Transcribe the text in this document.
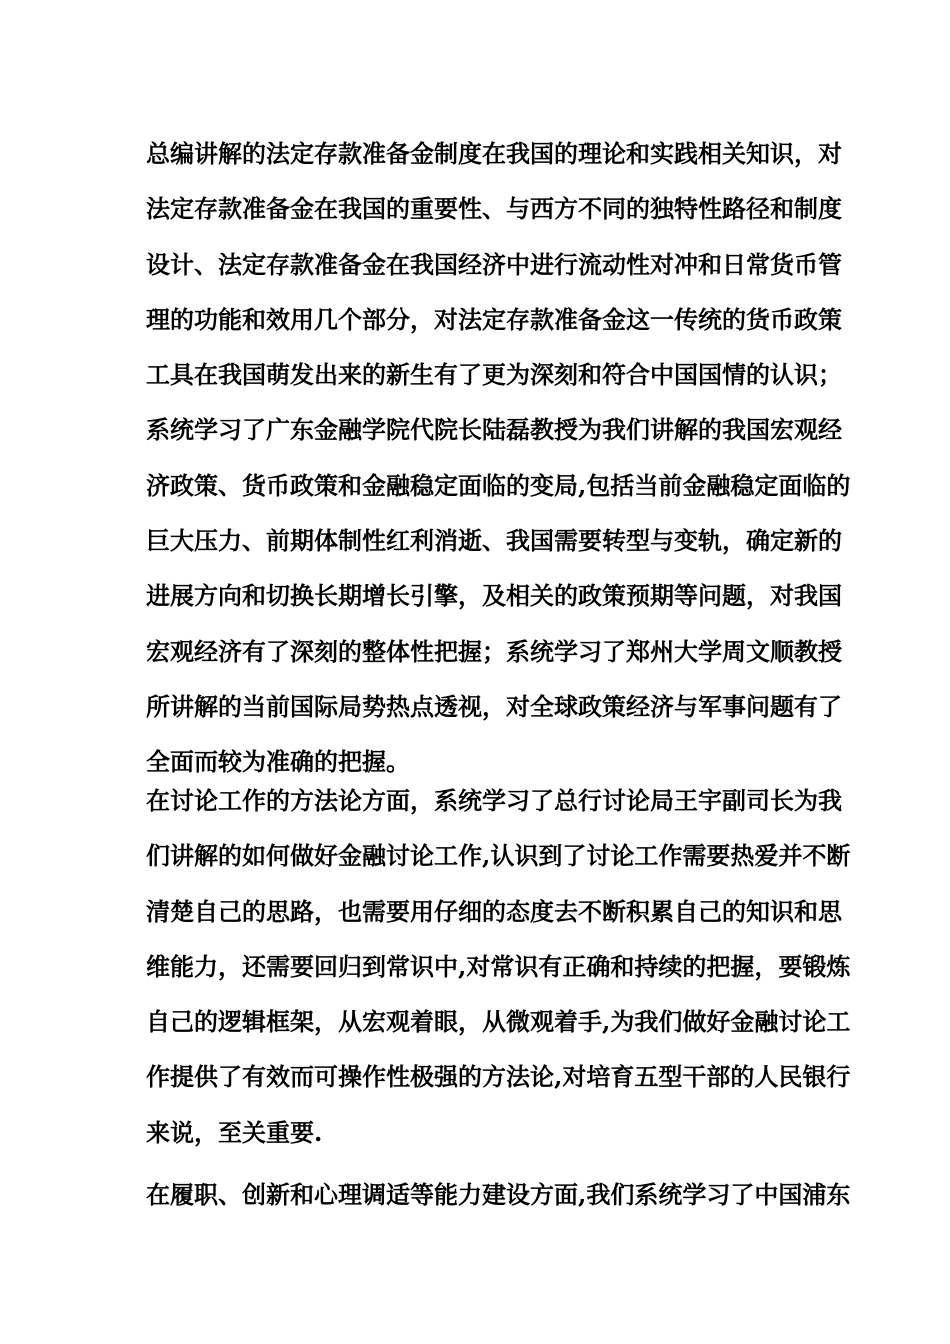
总编讲解的法定存款准备金制度在我国的理论和实践相关知识，对
法定存款准备金在我国的重要性、与西方不同的独特性路径和制度
设计、法定存款准备金在我国经济中进行流动性对冲和日常货币管
理的功能和效用几个部分，对法定存款准备金这一传统的货币政策
工具在我国萌发出来的新生有了更为深刻和符合中国国情的认识；
系统学习了广东金融学院代院长陆磊教授为我们讲解的我国宏观经
济政策、货币政策和金融稳定面临的变局,包括当前金融稳定面临的
巨大压力、前期体制性红利消逝、我国需要转型与变轨，确定新的
进展方向和切换长期增长引擎，及相关的政策预期等问题，对我国
宏观经济有了深刻的整体性把握；系统学习了郑州大学周文顺教授
所讲解的当前国际局势热点透视，对全球政策经济与军事问题有了
全面而较为准确的把握。
在讨论工作的方法论方面，系统学习了总行讨论局王宇副司长为我
们讲解的如何做好金融讨论工作,认识到了讨论工作需要热爱并不断
清楚自己的思路，也需要用仔细的态度去不断积累自己的知识和思
维能力，还需要回归到常识中,对常识有正确和持续的把握，要锻炼
自己的逻辑框架，从宏观着眼，从微观着手,为我们做好金融讨论工
作提供了有效而可操作性极强的方法论,对培育五型干部的人民银行
来说，至关重要.
在履职、创新和心理调适等能力建设方面,我们系统学习了中国浦东
